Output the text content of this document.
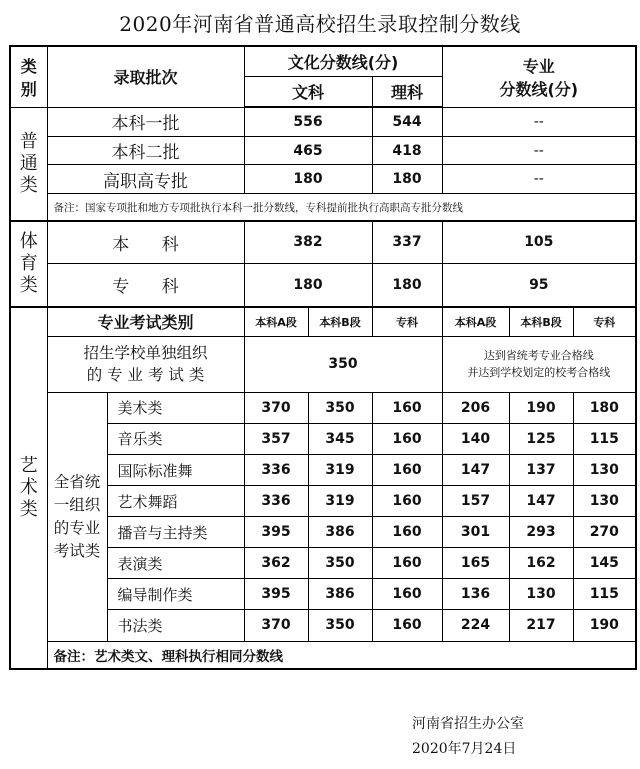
2020年河南省普通高校招生录取控制分数线
类别	录取批次		文化分数线(分)			专业
分数线(分)		
			文科		理科			

普通类	本科一批		556		544	--		
	本科二批		465		418	--		
	高职高专批		180		180	--		
	备注：国家专项批和地方专项批执行本科一批分数线，专科提前批执行高职高专批分数线							

体育类	本      科		382		337	105		
	专      科		180		180	95		

艺术类	专业考试类别		本科A段	本科B段	专科	本科A段	本科B段	专科
	招生学校单独组织
的 专 业 考 试 类		350			达到省统考专业合格线
并达到学校划定的校考合格线		

	全省统一组织的专业考试类	美术类	370	350	160	206	190	180
		音乐类	357	345	160	140	125	115
		国际标准舞	336	319	160	147	137	130
		艺术舞蹈	336	319	160	157	147	130
		播音与主持类	395	386	160	301	293	270
		表演类	362	350	160	165	162	145
		编导制作类	395	386	160	136	130	115
		书法类	370	350	160	224	217	190
	备注：艺术类文、理科执行相同分数线							
河南省招生办公室
2020年7月24日
